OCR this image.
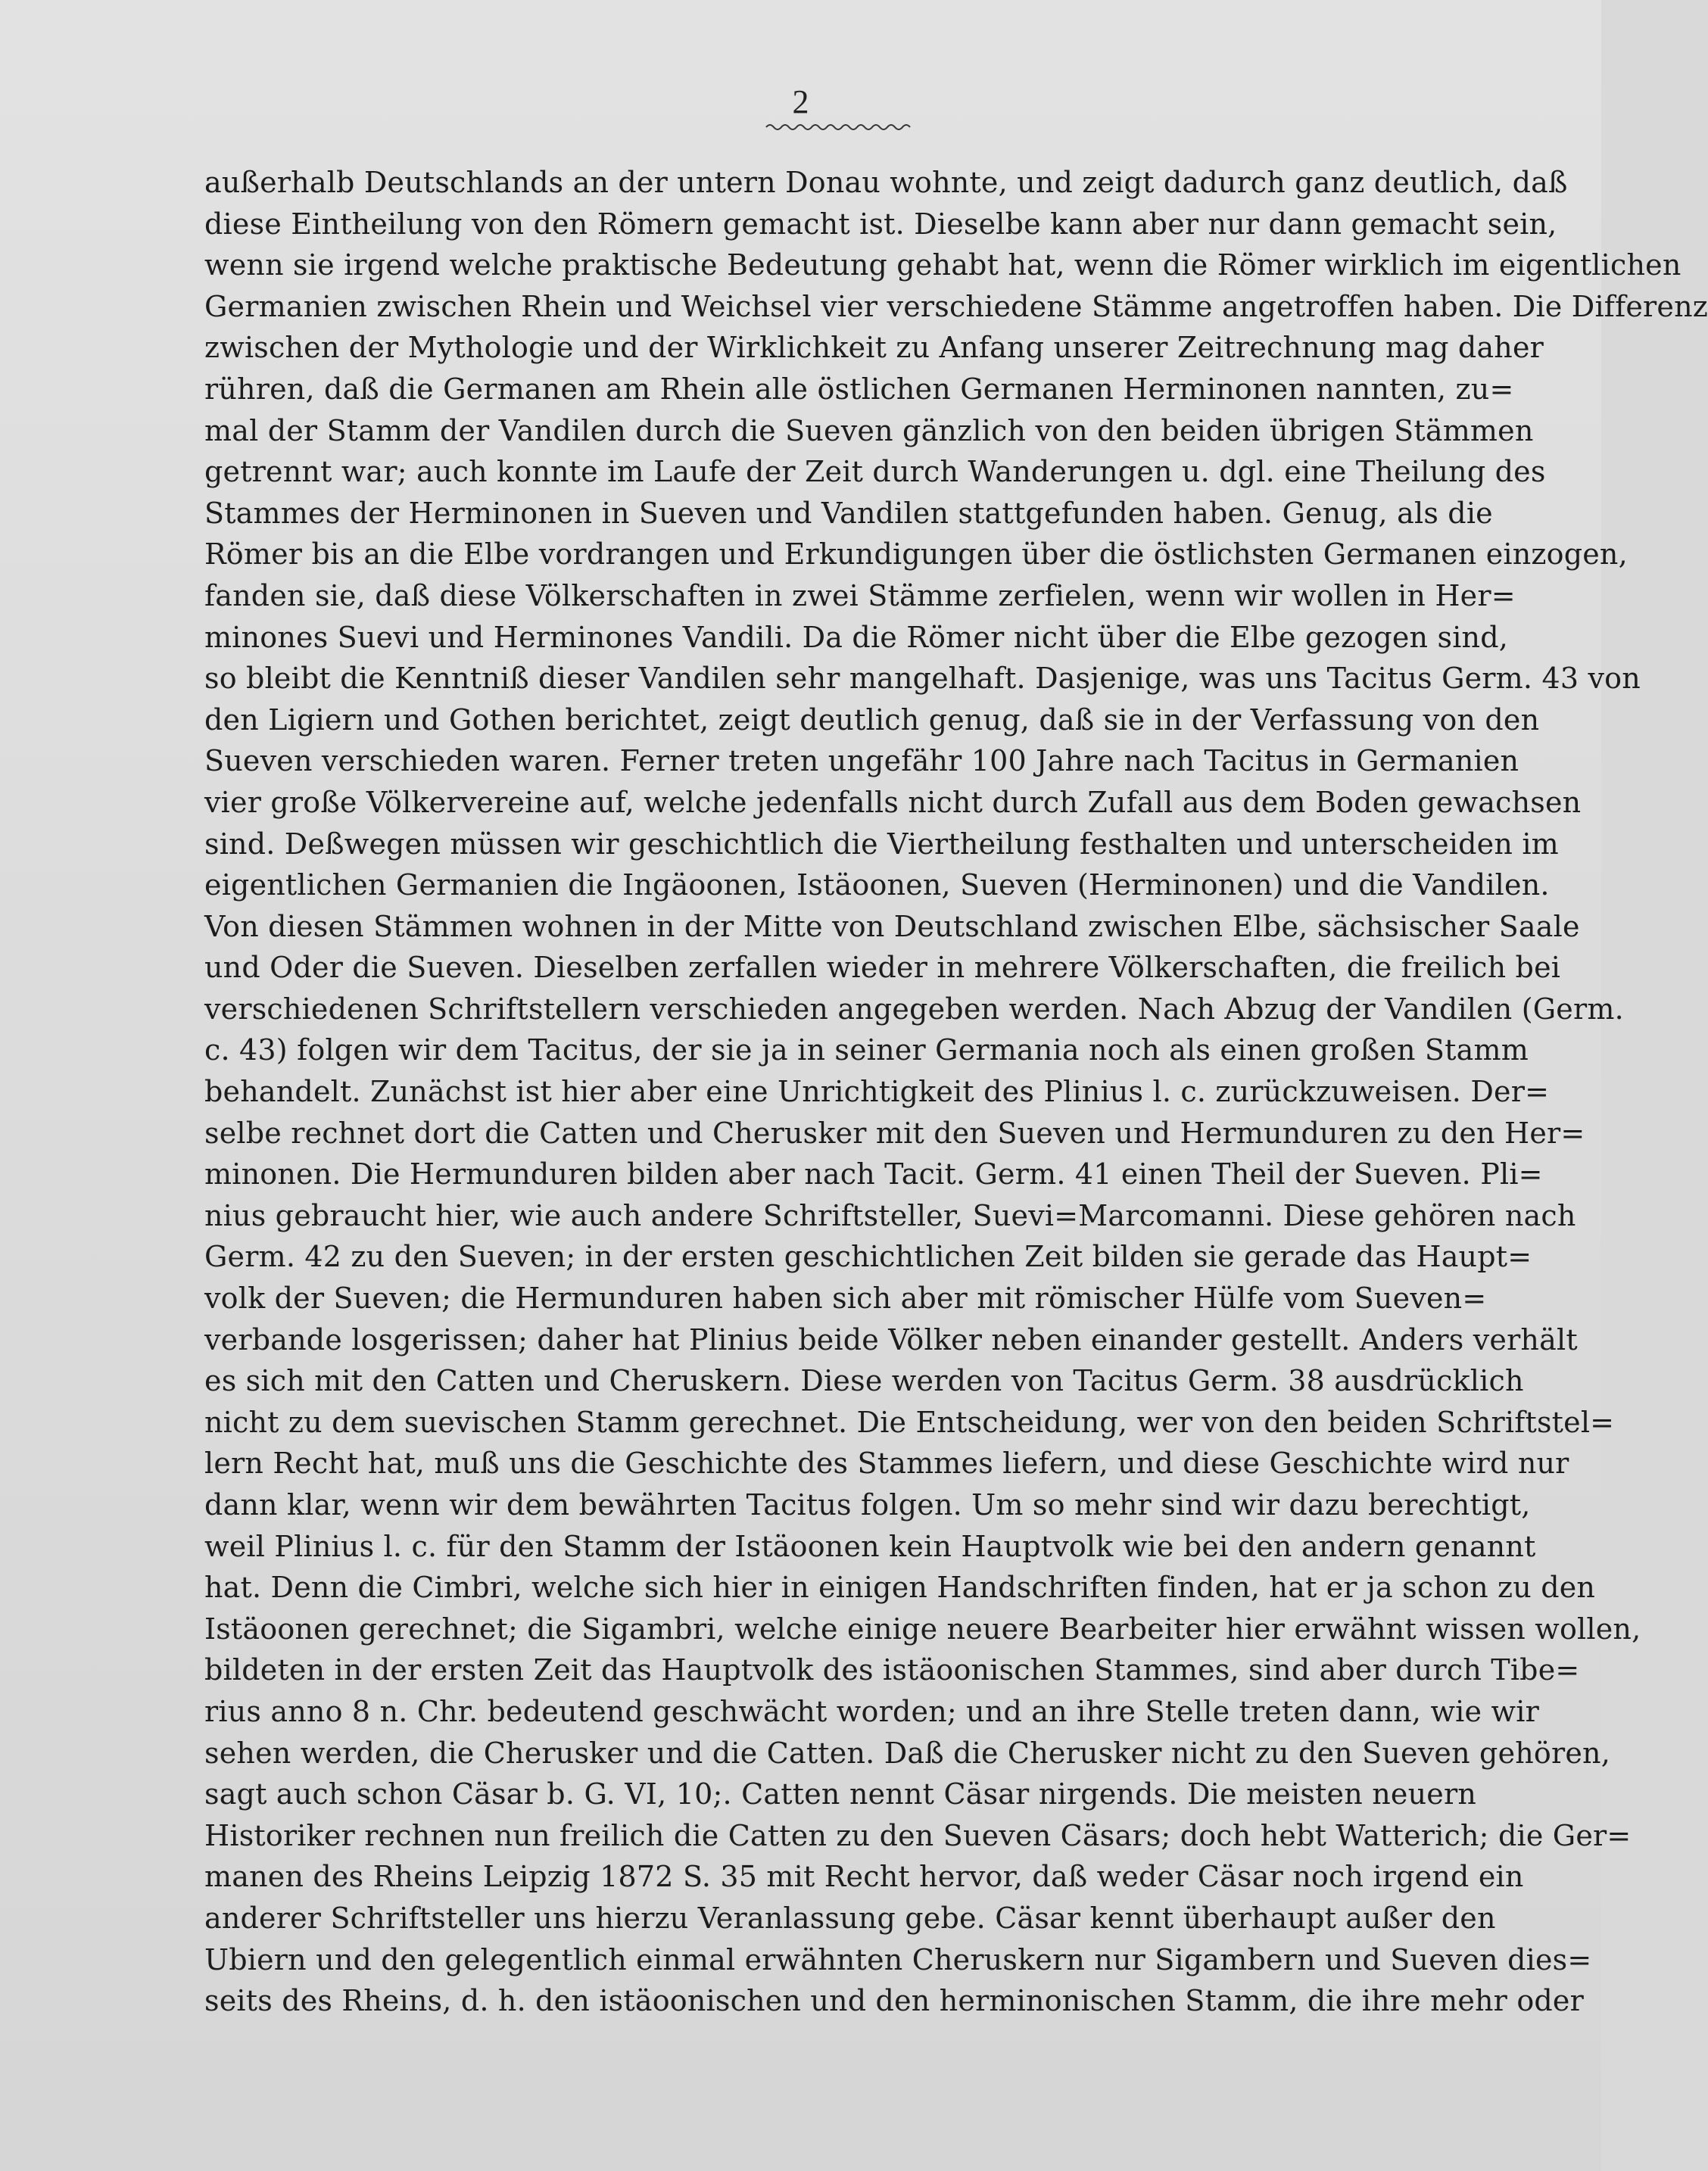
2
außerhalb Deutschlands an der untern Donau wohnte, und zeigt dadurch ganz deutlich, daß
diese Eintheilung von den Römern gemacht ist. Dieselbe kann aber nur dann gemacht sein,
wenn sie irgend welche praktische Bedeutung gehabt hat, wenn die Römer wirklich im eigentlichen
Germanien zwischen Rhein und Weichsel vier verschiedene Stämme angetroffen haben. Die Differenz
zwischen der Mythologie und der Wirklichkeit zu Anfang unserer Zeitrechnung mag daher
rühren, daß die Germanen am Rhein alle östlichen Germanen Herminonen nannten, zu=
mal der Stamm der Vandilen durch die Sueven gänzlich von den beiden übrigen Stämmen
getrennt war; auch konnte im Laufe der Zeit durch Wanderungen u. dgl. eine Theilung des
Stammes der Herminonen in Sueven und Vandilen stattgefunden haben. Genug, als die
Römer bis an die Elbe vordrangen und Erkundigungen über die östlichsten Germanen einzogen,
fanden sie, daß diese Völkerschaften in zwei Stämme zerfielen, wenn wir wollen in Her=
minones Suevi und Herminones Vandili. Da die Römer nicht über die Elbe gezogen sind,
so bleibt die Kenntniß dieser Vandilen sehr mangelhaft. Dasjenige, was uns Tacitus Germ. 43 von
den Ligiern und Gothen berichtet, zeigt deutlich genug, daß sie in der Verfassung von den
Sueven verschieden waren. Ferner treten ungefähr 100 Jahre nach Tacitus in Germanien
vier große Völkervereine auf, welche jedenfalls nicht durch Zufall aus dem Boden gewachsen
sind. Deßwegen müssen wir geschichtlich die Viertheilung festhalten und unterscheiden im
eigentlichen Germanien die Ingäoonen, Istäoonen, Sueven (Herminonen) und die Vandilen.
Von diesen Stämmen wohnen in der Mitte von Deutschland zwischen Elbe, sächsischer Saale
und Oder die Sueven. Dieselben zerfallen wieder in mehrere Völkerschaften, die freilich bei
verschiedenen Schriftstellern verschieden angegeben werden. Nach Abzug der Vandilen (Germ.
c. 43) folgen wir dem Tacitus, der sie ja in seiner Germania noch als einen großen Stamm
behandelt. Zunächst ist hier aber eine Unrichtigkeit des Plinius l. c. zurückzuweisen. Der=
selbe rechnet dort die Catten und Cherusker mit den Sueven und Hermunduren zu den Her=
minonen. Die Hermunduren bilden aber nach Tacit. Germ. 41 einen Theil der Sueven. Pli=
nius gebraucht hier, wie auch andere Schriftsteller, Suevi=Marcomanni. Diese gehören nach
Germ. 42 zu den Sueven; in der ersten geschichtlichen Zeit bilden sie gerade das Haupt=
volk der Sueven; die Hermunduren haben sich aber mit römischer Hülfe vom Sueven=
verbande losgerissen; daher hat Plinius beide Völker neben einander gestellt. Anders verhält
es sich mit den Catten und Cheruskern. Diese werden von Tacitus Germ. 38 ausdrücklich
nicht zu dem suevischen Stamm gerechnet. Die Entscheidung, wer von den beiden Schriftstel=
lern Recht hat, muß uns die Geschichte des Stammes liefern, und diese Geschichte wird nur
dann klar, wenn wir dem bewährten Tacitus folgen. Um so mehr sind wir dazu berechtigt,
weil Plinius l. c. für den Stamm der Istäoonen kein Hauptvolk wie bei den andern genannt
hat. Denn die Cimbri, welche sich hier in einigen Handschriften finden, hat er ja schon zu den
Istäoonen gerechnet; die Sigambri, welche einige neuere Bearbeiter hier erwähnt wissen wollen,
bildeten in der ersten Zeit das Hauptvolk des istäoonischen Stammes, sind aber durch Tibe=
rius anno 8 n. Chr. bedeutend geschwächt worden; und an ihre Stelle treten dann, wie wir
sehen werden, die Cherusker und die Catten. Daß die Cherusker nicht zu den Sueven gehören,
sagt auch schon Cäsar b. G. VI, 10;. Catten nennt Cäsar nirgends. Die meisten neuern
Historiker rechnen nun freilich die Catten zu den Sueven Cäsars; doch hebt Watterich; die Ger=
manen des Rheins Leipzig 1872 S. 35 mit Recht hervor, daß weder Cäsar noch irgend ein
anderer Schriftsteller uns hierzu Veranlassung gebe. Cäsar kennt überhaupt außer den
Ubiern und den gelegentlich einmal erwähnten Cheruskern nur Sigambern und Sueven dies=
seits des Rheins, d. h. den istäoonischen und den herminonischen Stamm, die ihre mehr oder
